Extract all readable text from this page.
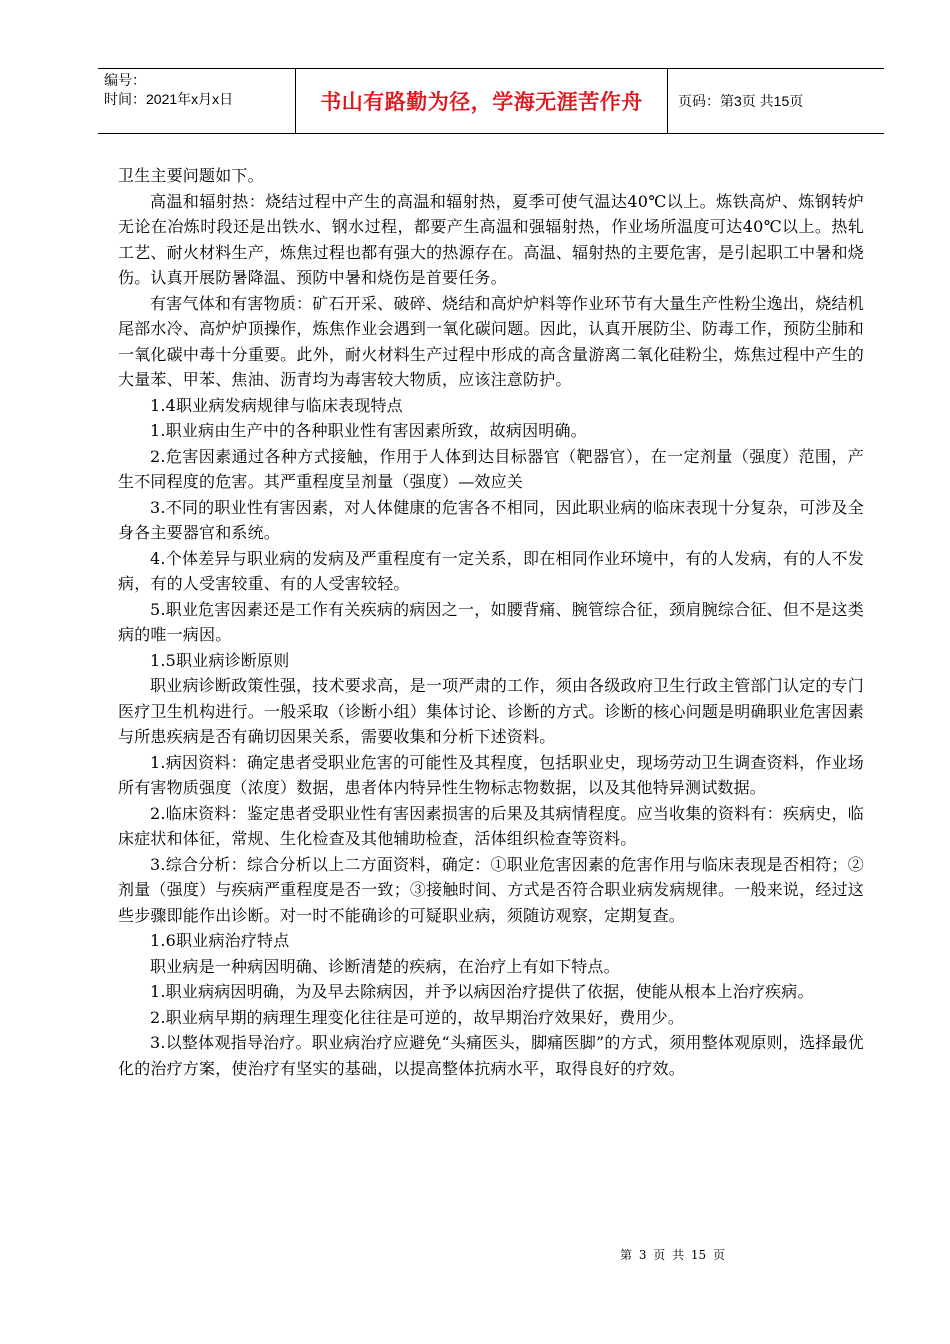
编号：
时间：2021年x月x日	书山有路勤为径，学海无涯苦作舟	页码：第3页 共15页

卫生主要问题如下。

高温和辐射热：烧结过程中产生的高温和辐射热，夏季可使气温达40℃以上。炼铁高炉、炼钢转炉无论在冶炼时段还是出铁水、钢水过程，都要产生高温和强辐射热，作业场所温度可达40℃以上。热轧工艺、耐火材料生产，炼焦过程也都有强大的热源存在。高温、辐射热的主要危害，是引起职工中暑和烧伤。认真开展防暑降温、预防中暑和烧伤是首要任务。

有害气体和有害物质：矿石开采、破碎、烧结和高炉炉料等作业环节有大量生产性粉尘逸出，烧结机尾部水冷、高炉炉顶操作，炼焦作业会遇到一氧化碳问题。因此，认真开展防尘、防毒工作，预防尘肺和一氧化碳中毒十分重要。此外，耐火材料生产过程中形成的高含量游离二氧化硅粉尘，炼焦过程中产生的大量苯、甲苯、焦油、沥青均为毒害较大物质，应该注意防护。

1.4职业病发病规律与临床表现特点

1.职业病由生产中的各种职业性有害因素所致，故病因明确。

2.危害因素通过各种方式接触，作用于人体到达目标器官（靶器官），在一定剂量（强度）范围，产生不同程度的危害。其严重程度呈剂量（强度）—效应关

3.不同的职业性有害因素，对人体健康的危害各不相同，因此职业病的临床表现十分复杂，可涉及全身各主要器官和系统。

4.个体差异与职业病的发病及严重程度有一定关系，即在相同作业环境中，有的人发病，有的人不发病，有的人受害较重、有的人受害较轻。

5.职业危害因素还是工作有关疾病的病因之一，如腰背痛、腕管综合征，颈肩腕综合征、但不是这类病的唯一病因。

1.5职业病诊断原则

职业病诊断政策性强，技术要求高，是一项严肃的工作，须由各级政府卫生行政主管部门认定的专门医疗卫生机构进行。一般采取（诊断小组）集体讨论、诊断的方式。诊断的核心问题是明确职业危害因素与所患疾病是否有确切因果关系，需要收集和分析下述资料。

1.病因资料：确定患者受职业危害的可能性及其程度，包括职业史，现场劳动卫生调查资料，作业场所有害物质强度（浓度）数据，患者体内特异性生物标志物数据，以及其他特异测试数据。

2.临床资料：鉴定患者受职业性有害因素损害的后果及其病情程度。应当收集的资料有：疾病史，临床症状和体征，常规、生化检查及其他辅助检查，活体组织检查等资料。

3.综合分析：综合分析以上二方面资料，确定：①职业危害因素的危害作用与临床表现是否相符；②剂量（强度）与疾病严重程度是否一致；③接触时间、方式是否符合职业病发病规律。一般来说，经过这些步骤即能作出诊断。对一时不能确诊的可疑职业病，须随访观察，定期复查。

1.6职业病治疗特点

职业病是一种病因明确、诊断清楚的疾病，在治疗上有如下特点。

1.职业病病因明确，为及早去除病因，并予以病因治疗提供了依据，使能从根本上治疗疾病。

2.职业病早期的病理生理变化往往是可逆的，故早期治疗效果好，费用少。

3.以整体观指导治疗。职业病治疗应避免“头痛医头，脚痛医脚”的方式，须用整体观原则，选择最优化的治疗方案，使治疗有坚实的基础，以提高整体抗病水平，取得良好的疗效。

第 3 页 共 15 页
